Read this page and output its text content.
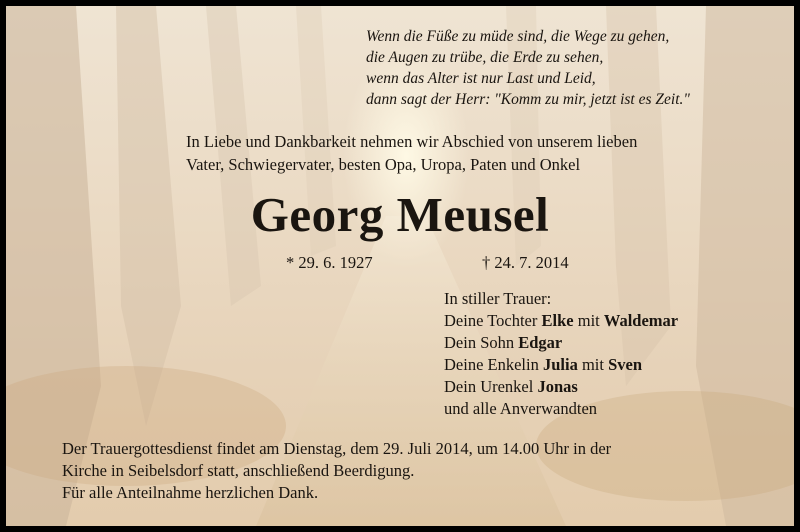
Wenn die Füße zu müde sind, die Wege zu gehen,
die Augen zu trübe, die Erde zu sehen,
wenn das Alter ist nur Last und Leid,
dann sagt der Herr: "Komm zu mir, jetzt ist es Zeit."
In Liebe und Dankbarkeit nehmen wir Abschied von unserem lieben
Vater, Schwiegervater, besten Opa, Uropa, Paten und Onkel
Georg Meusel
* 29. 6. 1927	† 24. 7. 2014
In stiller Trauer:
Deine Tochter Elke mit Waldemar
Dein Sohn Edgar
Deine Enkelin Julia mit Sven
Dein Urenkel Jonas
und alle Anverwandten
Der Trauergottesdienst findet am Dienstag, dem 29. Juli 2014, um 14.00 Uhr in der
Kirche in Seibelsdorf statt, anschließend Beerdigung.
Für alle Anteilnahme herzlichen Dank.
